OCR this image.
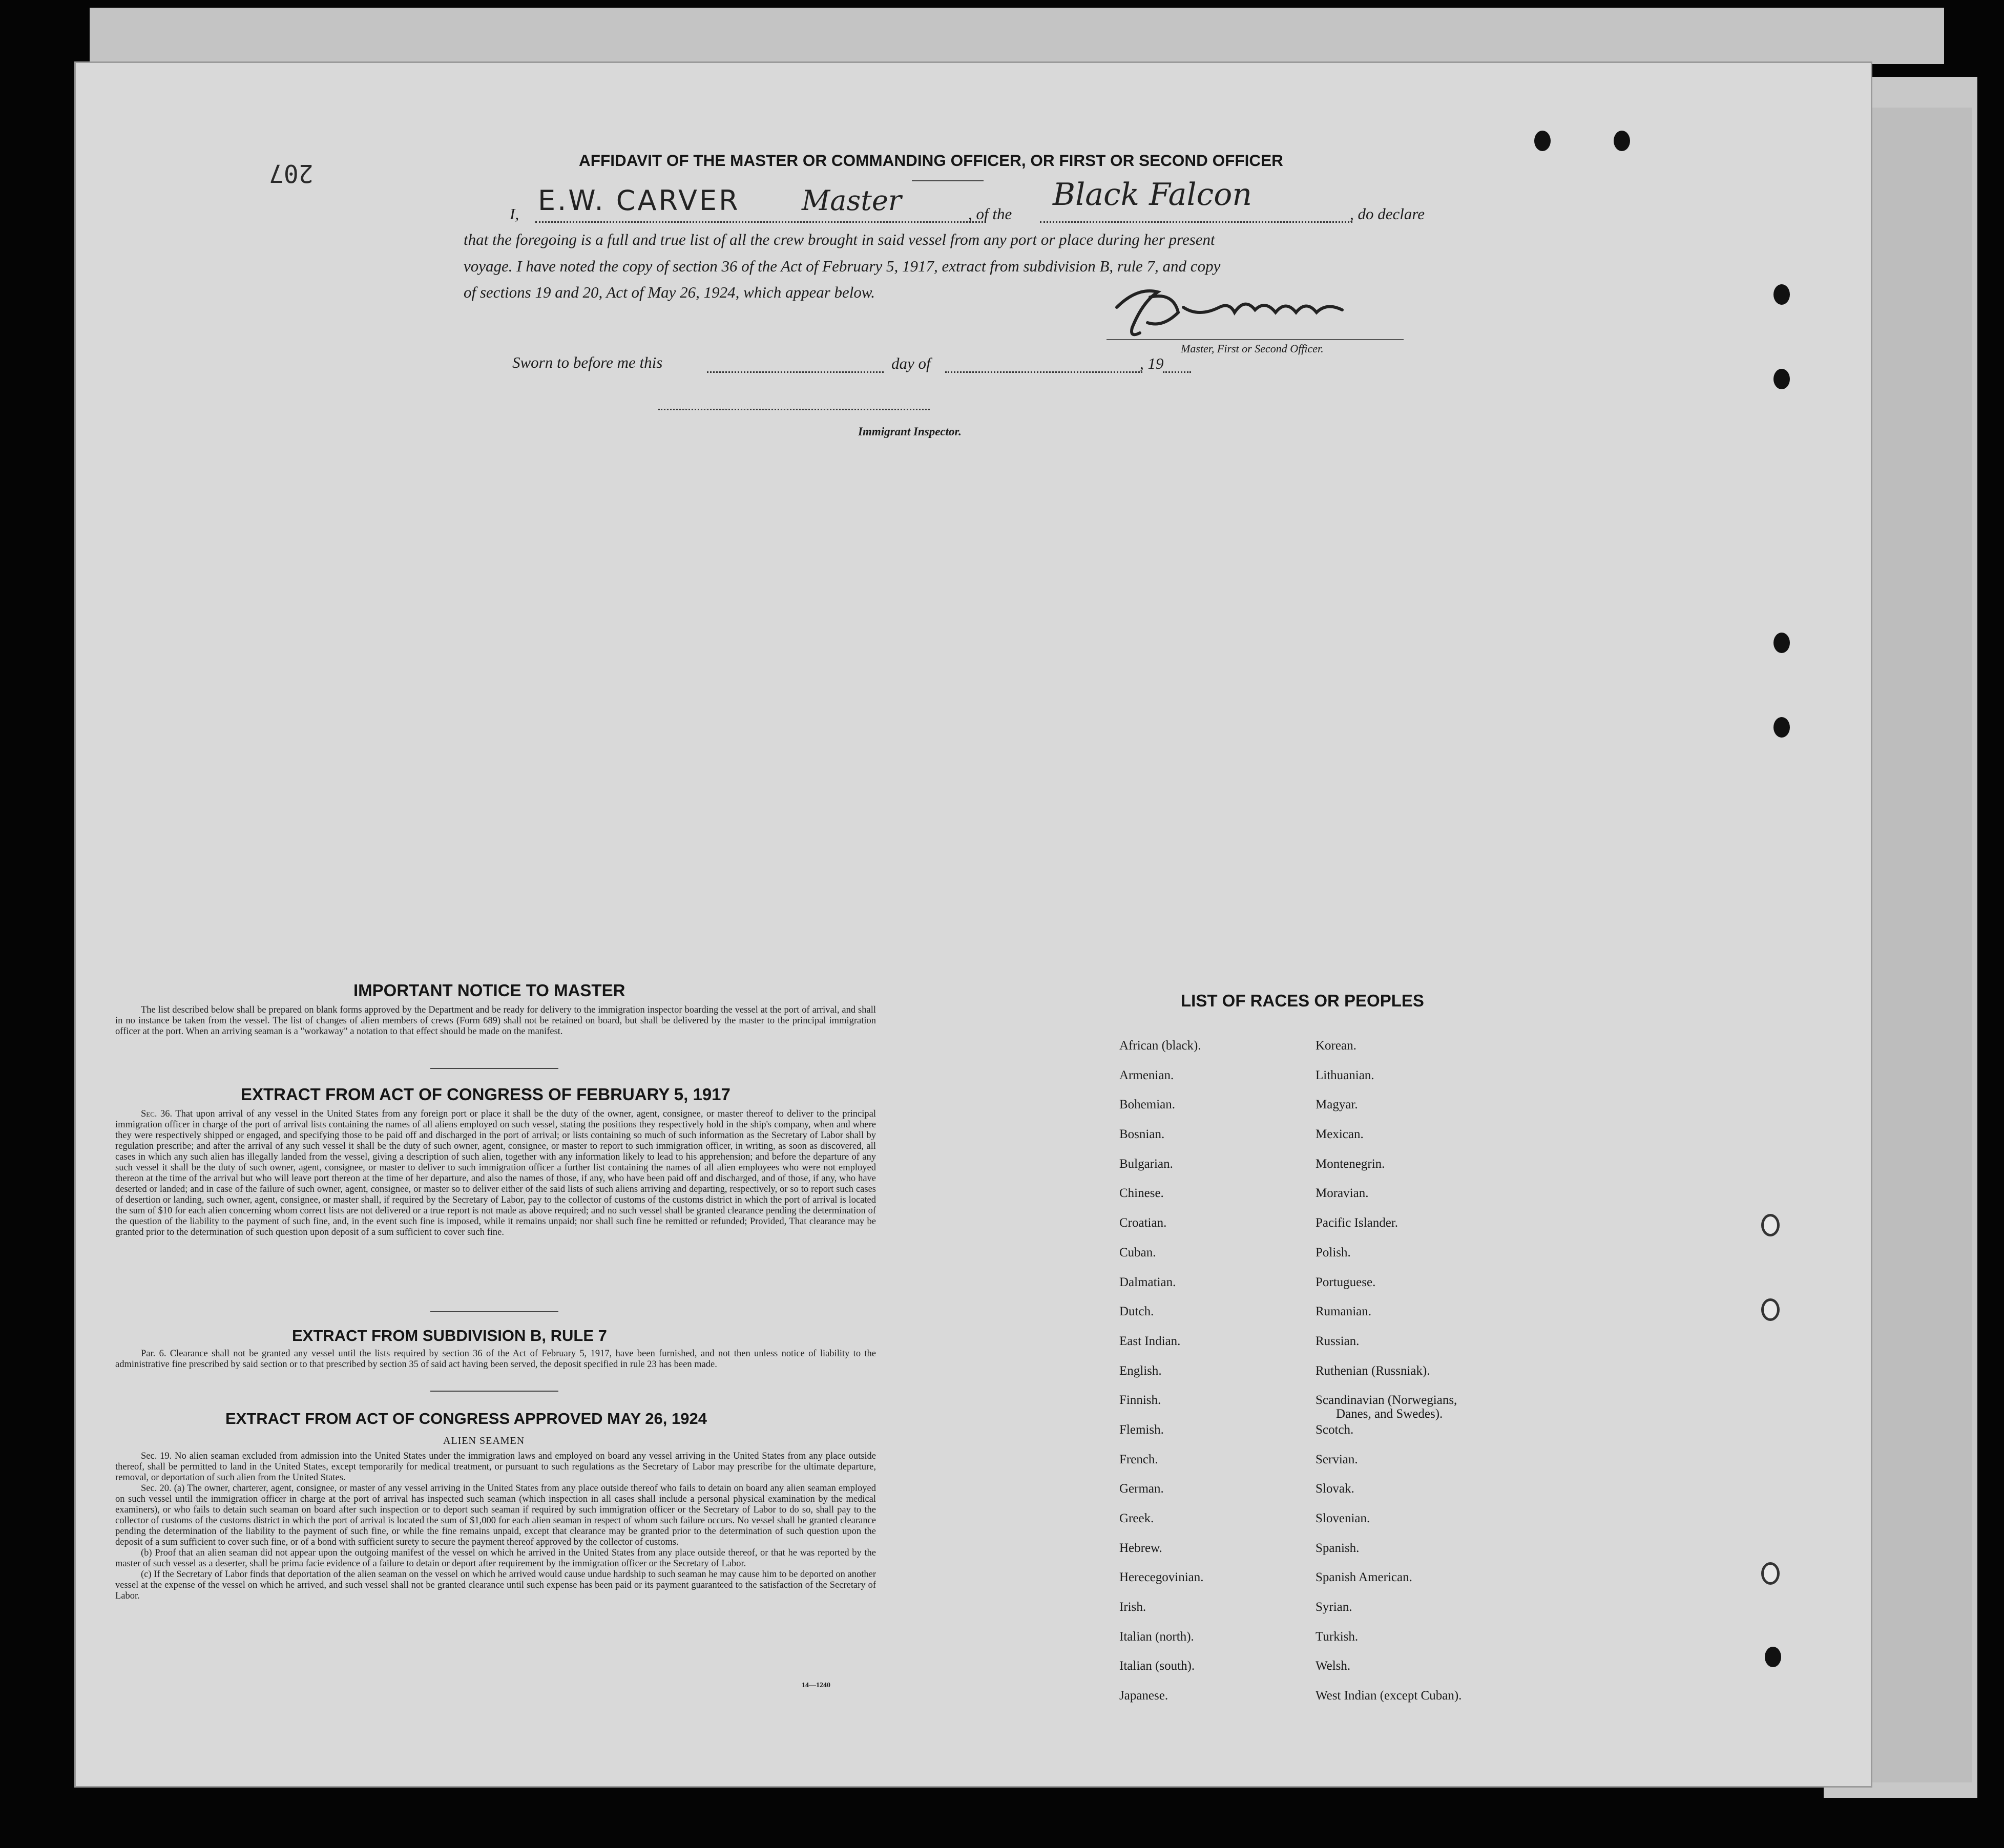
207	AFFIDAVIT OF THE MASTER OR COMMANDING OFFICER, OR FIRST OR SECOND OFFICER
I, E.W. CARVER Master	, of the
Black Falcon
, do declare
that the foregoing is a full and true list of all the crew brought in said vessel from any port or place during her present
voyage. I have noted the copy of section 36 of the Act of February 5, 1917, extract from subdivision B, rule 7, and copy
of sections 19 and 20, Act of May 26, 1924, which appear below.
Master, First or Second Officer.
Sworn to before me this	day of	, 19
Immigrant Inspector.
IMPORTANT NOTICE TO MASTER
The list described below shall be prepared on blank forms approved by the Department and be ready for delivery to the immigration inspector boarding the vessel at the port of arrival, and shall in no instance be taken from the vessel. The list of changes of alien members of crews (Form 689) shall not be retained on board, but shall be delivered by the master to the principal immigration officer at the port. When an arriving seaman is a "workaway" a notation to that effect should be made on the manifest.
EXTRACT FROM ACT OF CONGRESS OF FEBRUARY 5, 1917
Sec. 36. That upon arrival of any vessel in the United States from any foreign port or place it shall be the duty of the owner, agent, consignee, or master thereof to deliver to the principal immigration officer in charge of the port of arrival lists containing the names of all aliens employed on such vessel, stating the positions they respectively hold in the ship's company, when and where they were respectively shipped or engaged, and specifying those to be paid off and discharged in the port of arrival; or lists containing so much of such information as the Secretary of Labor shall by regulation prescribe; and after the arrival of any such vessel it shall be the duty of such owner, agent, consignee, or master to report to such immigration officer, in writing, as soon as discovered, all cases in which any such alien has illegally landed from the vessel, giving a description of such alien, together with any information likely to lead to his apprehension; and before the departure of any such vessel it shall be the duty of such owner, agent, consignee, or master to deliver to such immigration officer a further list containing the names of all alien employees who were not employed thereon at the time of the arrival but who will leave port thereon at the time of her departure, and also the names of those, if any, who have been paid off and discharged, and of those, if any, who have deserted or landed; and in case of the failure of such owner, agent, consignee, or master so to deliver either of the said lists of such aliens arriving and departing, respectively, or so to report such cases of desertion or landing, such owner, agent, consignee, or master shall, if required by the Secretary of Labor, pay to the collector of customs of the customs district in which the port of arrival is located the sum of $10 for each alien concerning whom correct lists are not delivered or a true report is not made as above required; and no such vessel shall be granted clearance pending the determination of the question of the liability to the payment of such fine, and, in the event such fine is imposed, while it remains unpaid; nor shall such fine be remitted or refunded; Provided, That clearance may be granted prior to the determination of such question upon deposit of a sum sufficient to cover such fine.
EXTRACT FROM SUBDIVISION B, RULE 7
Par. 6. Clearance shall not be granted any vessel until the lists required by section 36 of the Act of February 5, 1917, have been furnished, and not then unless notice of liability to the administrative fine prescribed by said section or to that prescribed by section 35 of said act having been served, the deposit specified in rule 23 has been made.
EXTRACT FROM ACT OF CONGRESS APPROVED MAY 26, 1924
ALIEN SEAMEN
Sec. 19. No alien seaman excluded from admission into the United States under the immigration laws and employed on board any vessel arriving in the United States from any place outside thereof, shall be permitted to land in the United States, except temporarily for medical treatment, or pursuant to such regulations as the Secretary of Labor may prescribe for the ultimate departure, removal, or deportation of such alien from the United States.
Sec. 20. (a) The owner, charterer, agent, consignee, or master of any vessel arriving in the United States from any place outside thereof who fails to detain on board any alien seaman employed on such vessel until the immigration officer in charge at the port of arrival has inspected such seaman (which inspection in all cases shall include a personal physical examination by the medical examiners), or who fails to detain such seaman on board after such inspection or to deport such seaman if required by such immigration officer or the Secretary of Labor to do so, shall pay to the collector of customs of the customs district in which the port of arrival is located the sum of $1,000 for each alien seaman in respect of whom such failure occurs. No vessel shall be granted clearance pending the determination of the liability to the payment of such fine, or while the fine remains unpaid, except that clearance may be granted prior to the determination of such question upon the deposit of a sum sufficient to cover such fine, or of a bond with sufficient surety to secure the payment thereof approved by the collector of customs.
(b) Proof that an alien seaman did not appear upon the outgoing manifest of the vessel on which he arrived in the United States from any place outside thereof, or that he was reported by the master of such vessel as a deserter, shall be prima facie evidence of a failure to detain or deport after requirement by the immigration officer or the Secretary of Labor.
(c) If the Secretary of Labor finds that deportation of the alien seaman on the vessel on which he arrived would cause undue hardship to such seaman he may cause him to be deported on another vessel at the expense of the vessel on which he arrived, and such vessel shall not be granted clearance until such expense has been paid or its payment guaranteed to the satisfaction of the Secretary of Labor.
14—1240
LIST OF RACES OR PEOPLES
African (black).
Armenian.
Bohemian.
Bosnian.
Bulgarian.
Chinese.
Croatian.
Cuban.
Dalmatian.
Dutch.
East Indian.
English.
Finnish.
Flemish.
French.
German.
Greek.
Hebrew.
Herecegovinian.
Irish.
Italian (north).
Italian (south).
Japanese.
Korean.
Lithuanian.
Magyar.
Mexican.
Montenegrin.
Moravian.
Pacific Islander.
Polish.
Portuguese.
Rumanian.
Russian.
Ruthenian (Russniak).
Scandinavian (Norwegians,
Danes, and Swedes).
Scotch.
Servian.
Slovak.
Slovenian.
Spanish.
Spanish American.
Syrian.
Turkish.
Welsh.
West Indian (except Cuban).
